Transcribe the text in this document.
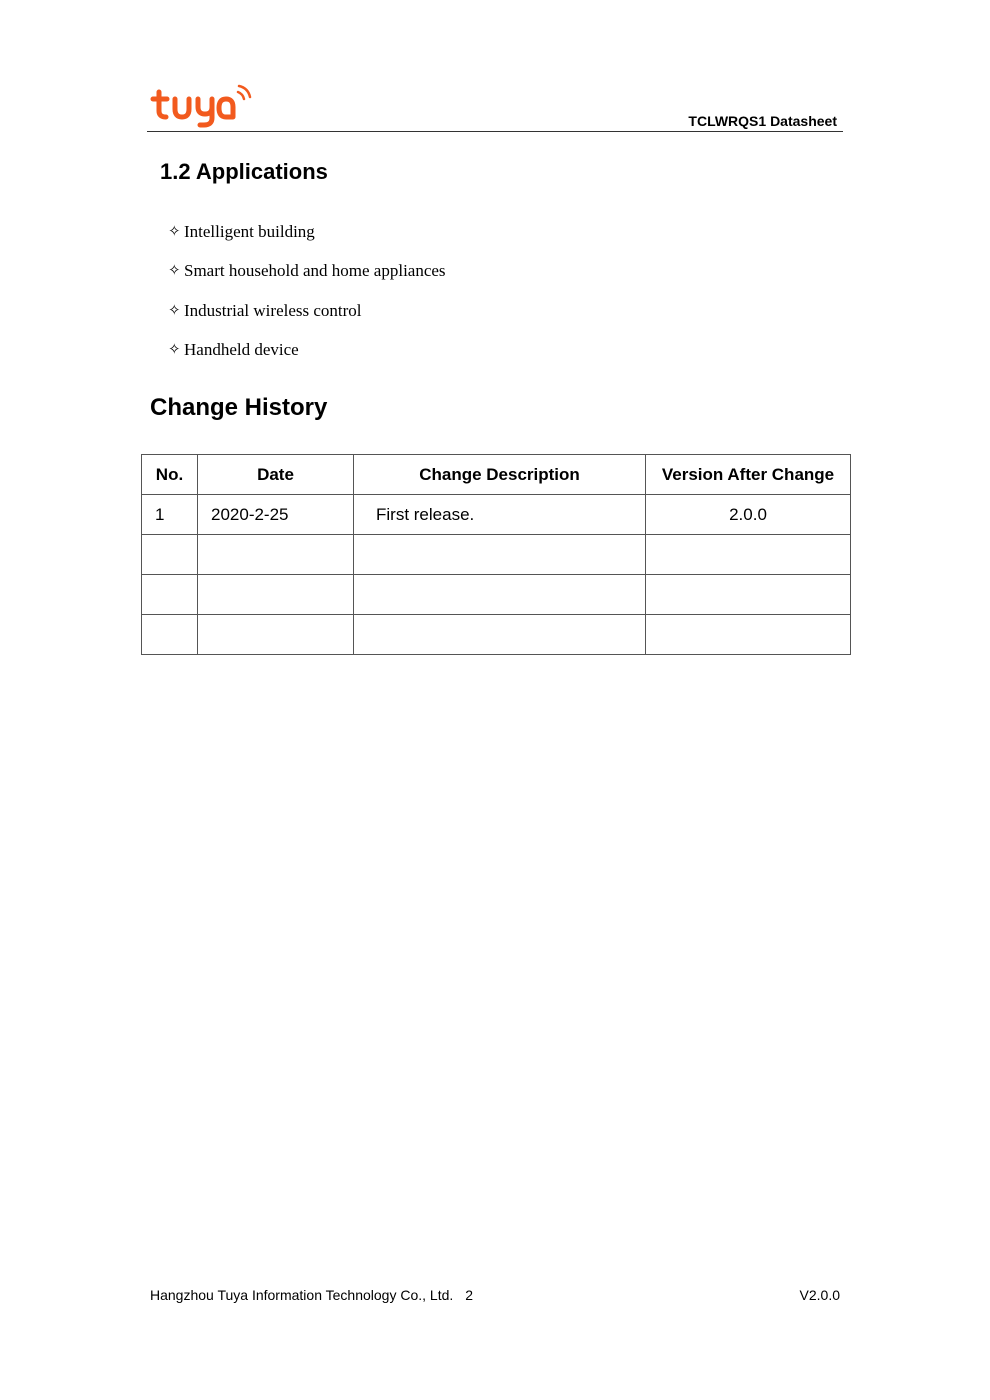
TCLWRQS1 Datasheet
1.2 Applications
✧ Intelligent building
✧ Smart household and home appliances
✧ Industrial wireless control
✧ Handheld device
Change History
No.	Date	Change Description	Version After Change
1	2020-2-25	First release.	2.0.0

Hangzhou Tuya Information Technology Co., Ltd. 2	V2.0.0
